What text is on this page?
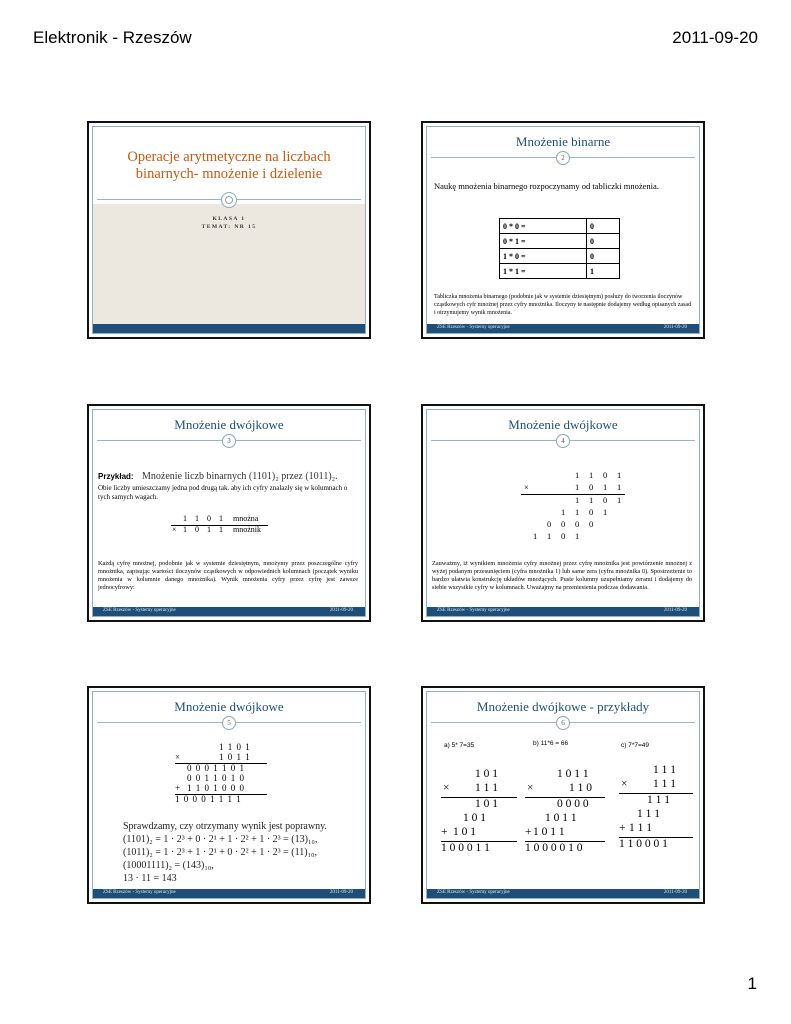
Elektronik - Rzeszów	2011-09-20
Operacje arytmetyczne na liczbach binarnych- mnożenie i dzielenie
KLASA 1
TEMAT: NR 15
Mnożenie binarne
2
Naukę mnożenia binarnego rozpoczynamy od tabliczki mnożenia.
0 * 0 =	0
0 * 1 =	0
1 * 0 =	0
1 * 1 =	1
Tabliczka mnożenia binarnego (podobnie jak w systemie dziesiętnym) posłuży do tworzenia iloczynów cząstkowych cyfr mnożnej przez cyfry mnożnika. Iloczyny te następnie dodajemy według opisanych zasad i otrzymujemy wynik mnożenia.
ZSE Rzeszów - Systemy operacyjne	2011-09-20
Mnożenie dwójkowe
3
Przykład: Mnożenie liczb binarnych (1101)₂ przez (1011)₂.
Obie liczby umieszczamy jedna pod drugą tak. aby ich cyfry znalazły się w kolumnach o tych samych wagach.
1 1 0 1 mnożna
× 1 0 1 1 mnożnik
Każdą cyfrę mnożnej, podobnie jak w systemie dziesiętnym, mnożymy przez poszczególne cyfry mnożnika, zapisując wartości iloczynów cząstkowych w odpowiednich kolumnach (początek wyniku mnożenia w kolumnie danego mnożnika). Wynik mnożenia cyfry przez cyfrę jest zawsze jednocyfrowy:
ZSE Rzeszów - Systemy operacyjne	2011-09-20
Mnożenie dwójkowe
4
1 1 0 1
×	1 0 1 1
1 1 0 1
1 1 0 1
0 0 0 0
1 1 0 1
Zauważmy, iż wynikiem mnożenia cyfry mnożnej przez cyfrę mnożnika jest powtórzenie mnożnej z wyżej podanym przesunięciem (cyfra mnożnika 1) lub same zera (cyfra mnożnika 0). Spostrzeżenie to bardzo ułatwia konstrukcję układów mnożących. Puste kolumny uzupełniamy zerami i dodajemy do siebie wszystkie cyfry w kolumnach. Uważajmy na przeniesienia podczas dodawania.
ZSE Rzeszów - Systemy operacyjne	2011-09-20
Mnożenie dwójkowe
5
1 1 0 1
×	1 0 1 1
0 0 0 1 1 0 1
0 0 1 1 0 1 0
+ 1 1 0 1 0 0 0
1 0 0 0 1 1 1 1
Sprawdzamy, czy otrzymany wynik jest poprawny.
(1101)₂ = 1 · 2³ + 0 · 2¹ + 1 · 2² + 1 · 2³ = (13)₁₀,
(1011)₂ = 1 · 2³ + 1 · 2¹ + 0 · 2² + 1 · 2³ = (11)₁₀,
(10001111)₂ = (143)₁₀,
13 · 11 = 143
ZSE Rzeszów - Systemy operacyjne	2011-09-20
Mnożenie dwójkowe - przykłady
6
a) 5* 7=35	b) 11*6 = 66	c) 7*7=49
1 0 1
× 1 1 1
1 0 1
1 0 1
+ 1 0 1
1 0 0 0 1 1
1 0 1 1
×	1 1 0
0 0 0 0
1 0 1 1
+ 1 0 1 1
1 0 0 0 0 1 0
1 1 1
× 1 1 1
1 1 1
1 1 1
+ 1 1 1
1 1 0 0 0 1
ZSE Rzeszów - Systemy operacyjne	2011-09-20
1
